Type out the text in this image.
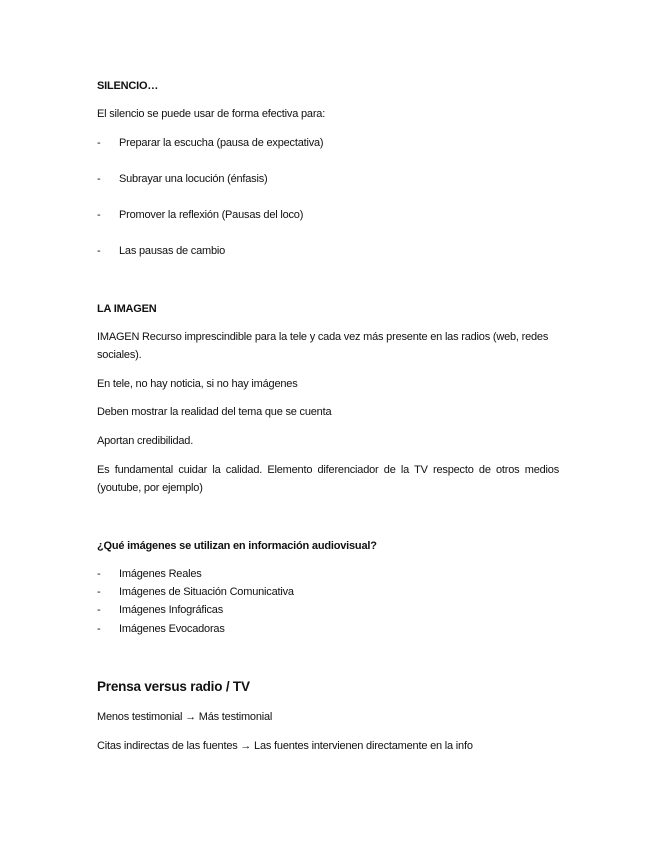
SILENCIO…
El silencio se puede usar de forma efectiva para:
- Preparar la escucha (pausa de expectativa)
- Subrayar una locución (énfasis)
- Promover la reflexión (Pausas del loco)
- Las pausas de cambio
LA IMAGEN
IMAGEN Recurso imprescindible para la tele y cada vez más presente en las radios (web, redes sociales).
En tele, no hay noticia, si no hay imágenes
Deben mostrar la realidad del tema que se cuenta
Aportan credibilidad.
Es fundamental cuidar la calidad. Elemento diferenciador de la TV respecto de otros medios (youtube, por ejemplo)
¿Qué imágenes se utilizan en información audiovisual?
- Imágenes Reales
- Imágenes de Situación Comunicativa
- Imágenes Infográficas
- Imágenes Evocadoras
Prensa versus radio / TV
Menos testimonial → Más testimonial
Citas indirectas de las fuentes → Las fuentes intervienen directamente en la info
